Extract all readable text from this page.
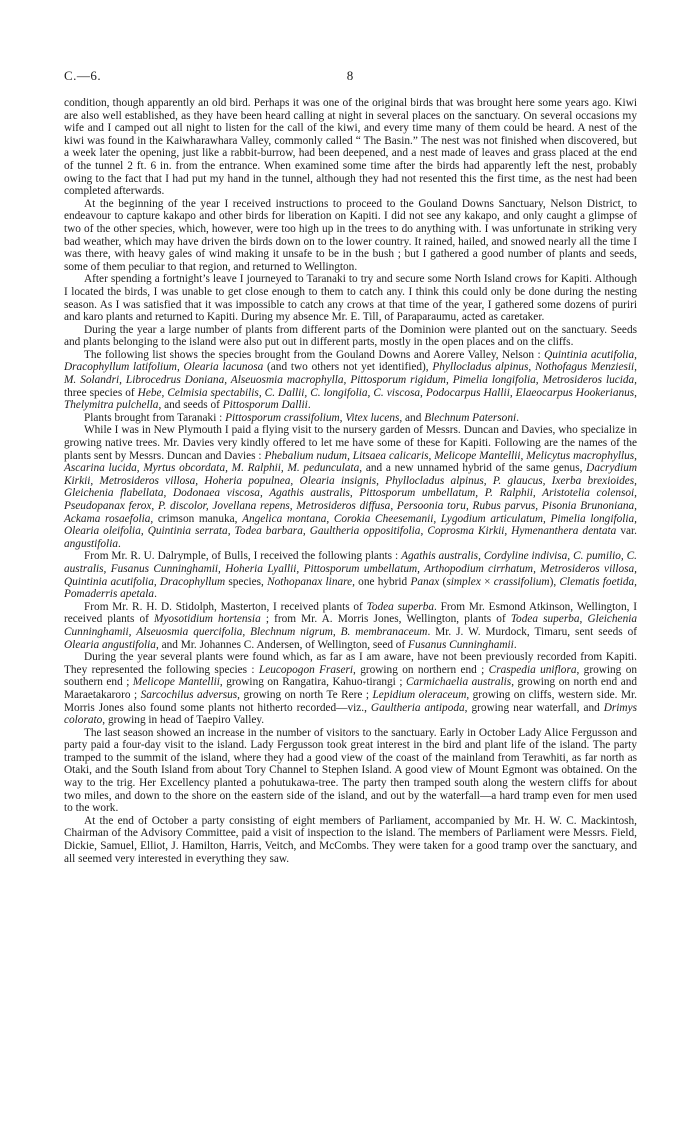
C.—6.	8

condition, though apparently an old bird. Perhaps it was one of the original birds that was brought here some years ago. Kiwi are also well established, as they have been heard calling at night in several places on the sanctuary. On several occasions my wife and I camped out all night to listen for the call of the kiwi, and every time many of them could be heard. A nest of the kiwi was found in the Kaiwharawhara Valley, commonly called “ The Basin.” The nest was not finished when discovered, but a week later the opening, just like a rabbit-burrow, had been deepened, and a nest made of leaves and grass placed at the end of the tunnel 2 ft. 6 in. from the entrance. When examined some time after the birds had apparently left the nest, probably owing to the fact that I had put my hand in the tunnel, although they had not resented this the first time, as the nest had been completed afterwards.

At the beginning of the year I received instructions to proceed to the Gouland Downs Sanctuary, Nelson District, to endeavour to capture kakapo and other birds for liberation on Kapiti. I did not see any kakapo, and only caught a glimpse of two of the other species, which, however, were too high up in the trees to do anything with. I was unfortunate in striking very bad weather, which may have driven the birds down on to the lower country. It rained, hailed, and snowed nearly all the time I was there, with heavy gales of wind making it unsafe to be in the bush ; but I gathered a good number of plants and seeds, some of them peculiar to that region, and returned to Wellington.

After spending a fortnight’s leave I journeyed to Taranaki to try and secure some North Island crows for Kapiti. Although I located the birds, I was unable to get close enough to them to catch any. I think this could only be done during the nesting season. As I was satisfied that it was impossible to catch any crows at that time of the year, I gathered some dozens of puriri and karo plants and returned to Kapiti. During my absence Mr. E. Till, of Paraparaumu, acted as caretaker.

During the year a large number of plants from different parts of the Dominion were planted out on the sanctuary. Seeds and plants belonging to the island were also put out in different parts, mostly in the open places and on the cliffs.

The following list shows the species brought from the Gouland Downs and Aorere Valley, Nelson : Quintinia acutifolia, Dracophyllum latifolium, Olearia lacunosa (and two others not yet identified), Phyllocladus alpinus, Nothofagus Menziesii, M. Solandri, Librocedrus Doniana, Alseuosmia macrophylla, Pittosporum rigidum, Pimelia longifolia, Metrosideros lucida, three species of Hebe, Celmisia spectabilis, C. Dallii, C. longifolia, C. viscosa, Podocarpus Hallii, Elaeocarpus Hookerianus, Thelymitra pulchella, and seeds of Pittosporum Dallii.

Plants brought from Taranaki : Pittosporum crassifolium, Vitex lucens, and Blechnum Patersoni.

While I was in New Plymouth I paid a flying visit to the nursery garden of Messrs. Duncan and Davies, who specialize in growing native trees. Mr. Davies very kindly offered to let me have some of these for Kapiti. Following are the names of the plants sent by Messrs. Duncan and Davies : Phebalium nudum, Litsaea calicaris, Melicope Mantellii, Melicytus macrophyllus, Ascarina lucida, Myrtus obcordata, M. Ralphii, M. pedunculata, and a new unnamed hybrid of the same genus, Dacrydium Kirkii, Metrosideros villosa, Hoheria populnea, Olearia insignis, Phyllocladus alpinus, P. glaucus, Ixerba brexioides, Gleichenia flabellata, Dodonaea viscosa, Agathis australis, Pittosporum umbellatum, P. Ralphii, Aristotelia colensoi, Pseudopanax ferox, P. discolor, Jovellana repens, Metrosideros diffusa, Persoonia toru, Rubus parvus, Pisonia Brunoniana, Ackama rosaefolia, crimson manuka, Angelica montana, Corokia Cheesemanii, Lygodium articulatum, Pimelia longifolia, Olearia oleifolia, Quintinia serrata, Todea barbara, Gaultheria oppositifolia, Coprosma Kirkii, Hymenanthera dentata var. angustifolia.

From Mr. R. U. Dalrymple, of Bulls, I received the following plants : Agathis australis, Cordyline indivisa, C. pumilio, C. australis, Fusanus Cunninghamii, Hoheria Lyallii, Pittosporum umbellatum, Arthopodium cirrhatum, Metrosideros villosa, Quintinia acutifolia, Dracophyllum species, Nothopanax linare, one hybrid Panax (simplex × crassifolium), Clematis foetida, Pomaderris apetala.

From Mr. R. H. D. Stidolph, Masterton, I received plants of Todea superba. From Mr. Esmond Atkinson, Wellington, I received plants of Myosotidium hortensia ; from Mr. A. Morris Jones, Wellington, plants of Todea superba, Gleichenia Cunninghamii, Alseuosmia quercifolia, Blechnum nigrum, B. membranaceum. Mr. J. W. Murdock, Timaru, sent seeds of Olearia angustifolia, and Mr. Johannes C. Andersen, of Wellington, seed of Fusanus Cunninghamii.

During the year several plants were found which, as far as I am aware, have not been previously recorded from Kapiti. They represented the following species : Leucopogon Fraseri, growing on northern end ; Craspedia uniflora, growing on southern end ; Melicope Mantellii, growing on Rangatira, Kahuo-tirangi ; Carmichaelia australis, growing on north end and Maraetakaroro ; Sarcochilus adversus, growing on north Te Rere ; Lepidium oleraceum, growing on cliffs, western side. Mr. Morris Jones also found some plants not hitherto recorded—viz., Gaultheria antipoda, growing near waterfall, and Drimys colorato, growing in head of Taepiro Valley.

The last season showed an increase in the number of visitors to the sanctuary. Early in October Lady Alice Fergusson and party paid a four-day visit to the island. Lady Fergusson took great interest in the bird and plant life of the island. The party tramped to the summit of the island, where they had a good view of the coast of the mainland from Terawhiti, as far north as Otaki, and the South Island from about Tory Channel to Stephen Island. A good view of Mount Egmont was obtained. On the way to the trig. Her Excellency planted a pohutukawa-tree. The party then tramped south along the western cliffs for about two miles, and down to the shore on the eastern side of the island, and out by the waterfall—a hard tramp even for men used to the work.

At the end of October a party consisting of eight members of Parliament, accompanied by Mr. H. W. C. Mackintosh, Chairman of the Advisory Committee, paid a visit of inspection to the island. The members of Parliament were Messrs. Field, Dickie, Samuel, Elliot, J. Hamilton, Harris, Veitch, and McCombs. They were taken for a good tramp over the sanctuary, and all seemed very interested in everything they saw.
